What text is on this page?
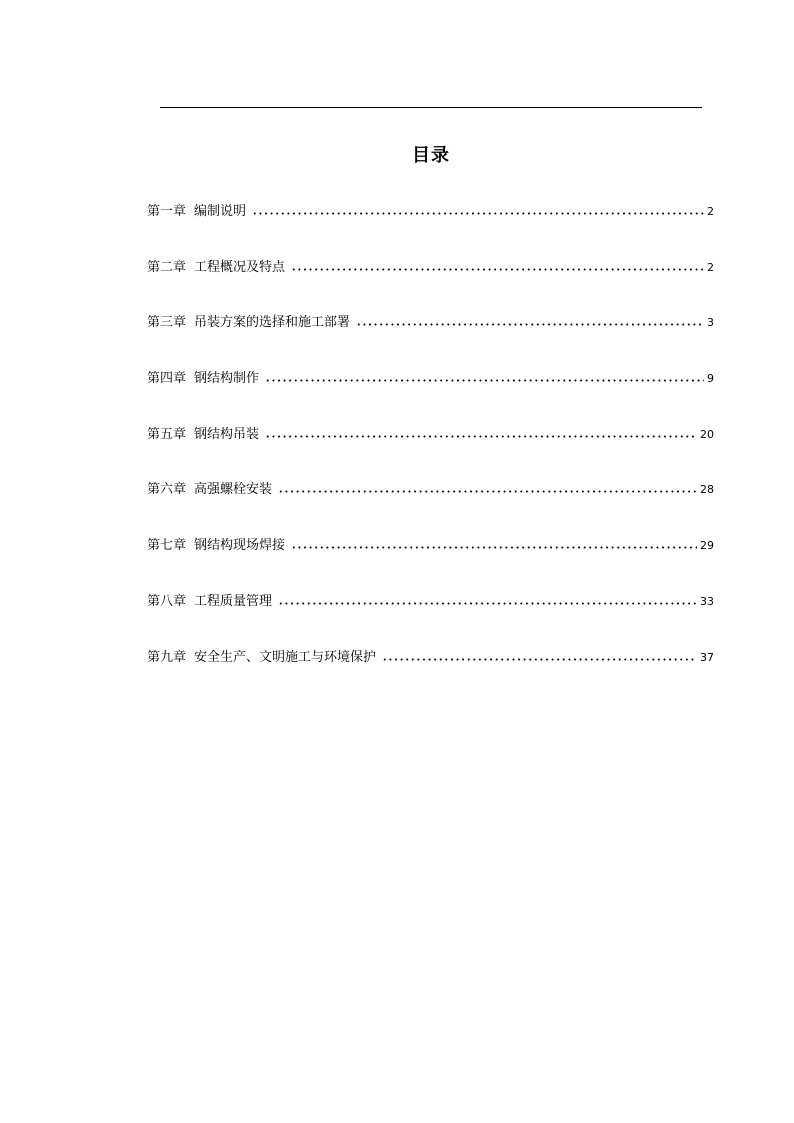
目录
第一章 编制说明	2
第二章 工程概况及特点	2
第三章 吊装方案的选择和施工部署	3
第四章 钢结构制作	9
第五章 钢结构吊装	20
第六章 高强螺栓安装	28
第七章 钢结构现场焊接	29
第八章 工程质量管理	33
第九章 安全生产、文明施工与环境保护	37
